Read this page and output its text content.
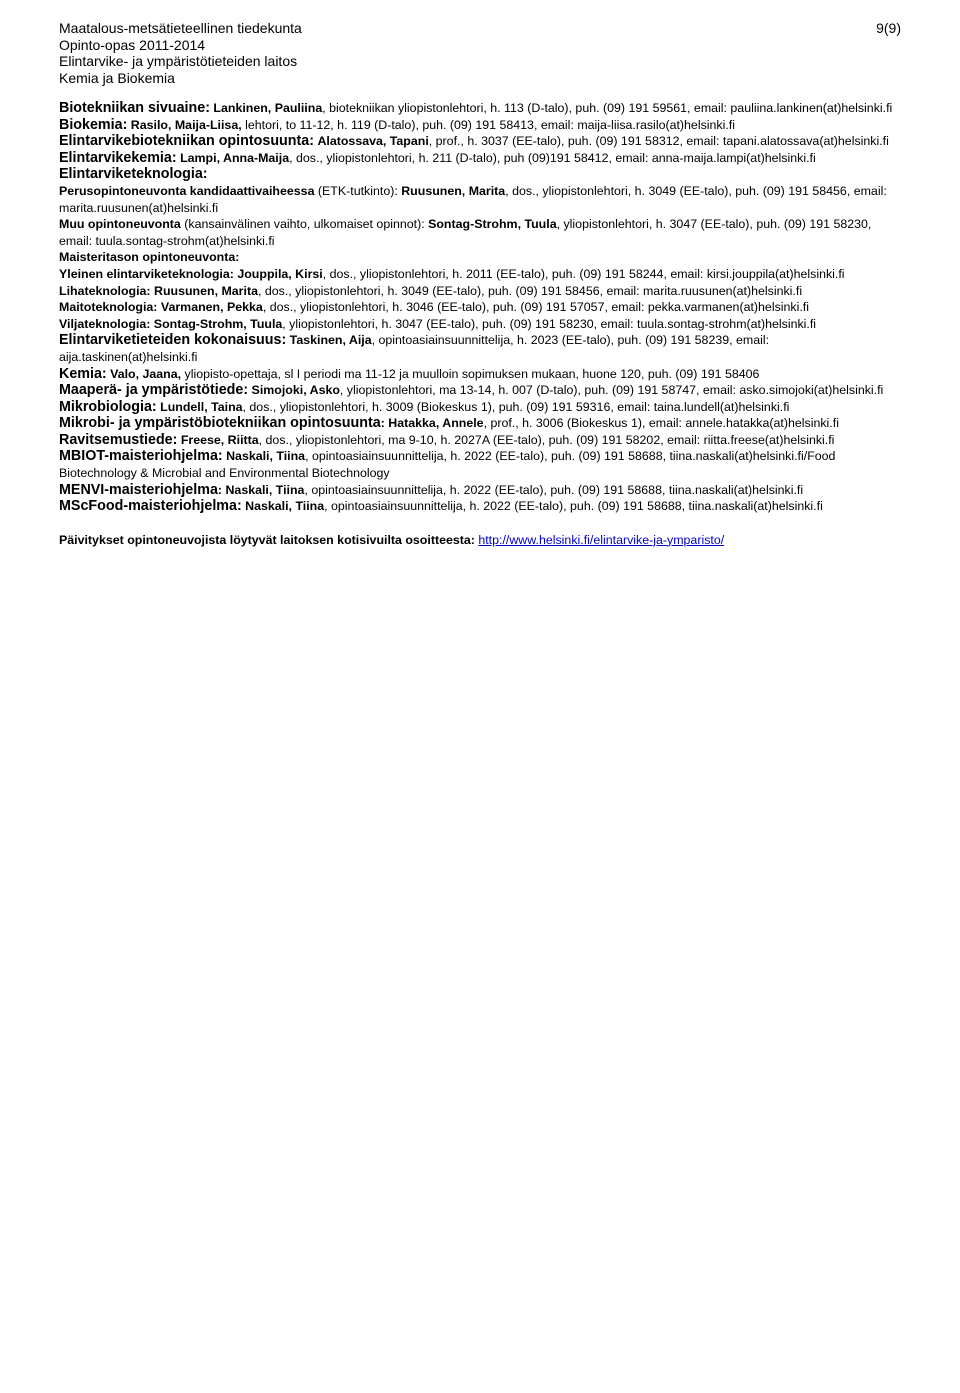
Maatalous-metsätieteellinen tiedekunta
Opinto-opas 2011-2014
Elintarvike- ja ympäristötieteiden laitos
Kemia ja Biokemia
9(9)

Biotekniikan sivuaine: Lankinen, Pauliina, biotekniikan yliopistonlehtori, h. 113 (D-talo), puh. (09) 191 59561, email: pauliina.lankinen(at)helsinki.fi

Biokemia: Rasilo, Maija-Liisa, lehtori, to 11-12, h. 119 (D-talo), puh. (09) 191 58413, email: maija-liisa.rasilo(at)helsinki.fi

Elintarvikebiotekniikan opintosuunta: Alatossava, Tapani, prof., h. 3037 (EE-talo), puh. (09) 191 58312, email: tapani.alatossava(at)helsinki.fi

Elintarvikekemia: Lampi, Anna-Maija, dos., yliopistonlehtori, h. 211 (D-talo), puh (09)191 58412, email: anna-maija.lampi(at)helsinki.fi

Elintarviketeknologia:

Perusopintoneuvonta kandidaattivaiheessa (ETK-tutkinto): Ruusunen, Marita, dos., yliopistonlehtori, h. 3049 (EE-talo), puh. (09) 191 58456, email: marita.ruusunen(at)helsinki.fi

Muu opintoneuvonta (kansainvälinen vaihto, ulkomaiset opinnot): Sontag-Strohm, Tuula, yliopistonlehtori, h. 3047 (EE-talo), puh. (09) 191 58230, email: tuula.sontag-strohm(at)helsinki.fi

Maisteritason opintoneuvonta:

Yleinen elintarviketeknologia: Jouppila, Kirsi, dos., yliopistonlehtori, h. 2011 (EE-talo), puh. (09) 191 58244, email: kirsi.jouppila(at)helsinki.fi

Lihateknologia: Ruusunen, Marita, dos., yliopistonlehtori, h. 3049 (EE-talo), puh. (09) 191 58456, email: marita.ruusunen(at)helsinki.fi

Maitoteknologia: Varmanen, Pekka, dos., yliopistonlehtori, h. 3046 (EE-talo), puh. (09) 191 57057, email: pekka.varmanen(at)helsinki.fi

Viljateknologia: Sontag-Strohm, Tuula, yliopistonlehtori, h. 3047 (EE-talo), puh. (09) 191 58230, email: tuula.sontag-strohm(at)helsinki.fi

Elintarviketieteiden kokonaisuus: Taskinen, Aija, opintoasiainsuunnittelija, h. 2023 (EE-talo), puh. (09) 191 58239, email: aija.taskinen(at)helsinki.fi

Kemia: Valo, Jaana, yliopisto-opettaja, sl I periodi ma 11-12 ja muulloin sopimuksen mukaan, huone 120, puh. (09) 191 58406

Maaperä- ja ympäristötiede: Simojoki, Asko, yliopistonlehtori, ma 13-14, h. 007 (D-talo), puh. (09) 191 58747, email: asko.simojoki(at)helsinki.fi

Mikrobiologia: Lundell, Taina, dos., yliopistonlehtori, h. 3009 (Biokeskus 1), puh. (09) 191 59316, email: taina.lundell(at)helsinki.fi

Mikrobi- ja ympäristöbiotekniikan opintosuunta: Hatakka, Annele, prof., h. 3006 (Biokeskus 1), email: annele.hatakka(at)helsinki.fi

Ravitsemustiede: Freese, Riitta, dos., yliopistonlehtori, ma 9-10, h. 2027A (EE-talo), puh. (09) 191 58202, email: riitta.freese(at)helsinki.fi

MBIOT-maisteriohjelma: Naskali, Tiina, opintoasiainsuunnittelija, h. 2022 (EE-talo), puh. (09) 191 58688, tiina.naskali(at)helsinki.fi/Food Biotechnology & Microbial and Environmental Biotechnology

MENVI-maisteriohjelma: Naskali, Tiina, opintoasiainsuunnittelija, h. 2022 (EE-talo), puh. (09) 191 58688, tiina.naskali(at)helsinki.fi

MScFood-maisteriohjelma: Naskali, Tiina, opintoasiainsuunnittelija, h. 2022 (EE-talo), puh. (09) 191 58688, tiina.naskali(at)helsinki.fi

Päivitykset opintoneuvojista löytyvät laitoksen kotisivuilta osoitteesta: http://www.helsinki.fi/elintarvike-ja-ymparisto/
